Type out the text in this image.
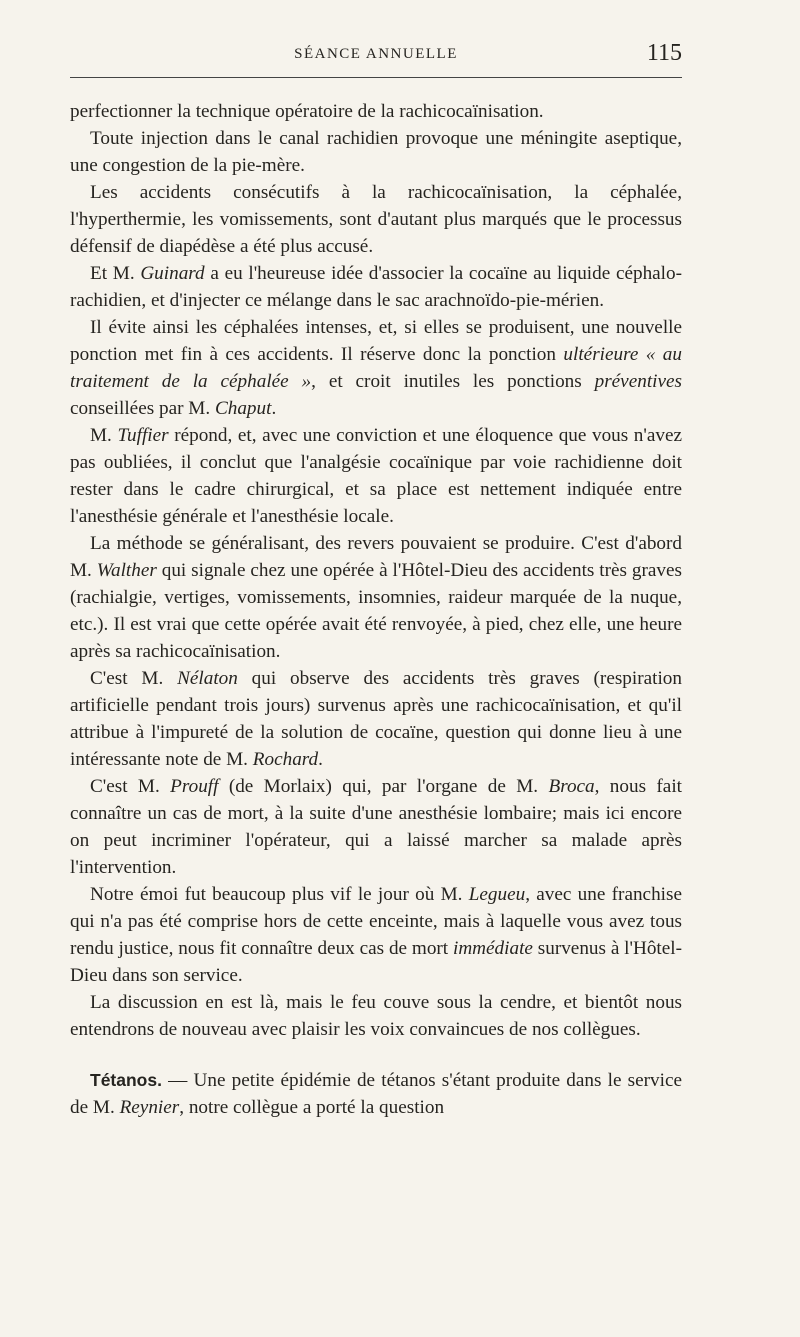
SÉANCE ANNUELLE	115

perfectionner la technique opératoire de la rachicocaïnisation.

Toute injection dans le canal rachidien provoque une méningite aseptique, une congestion de la pie-mère.

Les accidents consécutifs à la rachicocaïnisation, la céphalée, l'hyperthermie, les vomissements, sont d'autant plus marqués que le processus défensif de diapédèse a été plus accusé.

Et M. Guinard a eu l'heureuse idée d'associer la cocaïne au liquide céphalo-rachidien, et d'injecter ce mélange dans le sac arachnoïdo-pie-mérien.

Il évite ainsi les céphalées intenses, et, si elles se produisent, une nouvelle ponction met fin à ces accidents. Il réserve donc la ponction ultérieure « au traitement de la céphalée », et croit inutiles les ponctions préventives conseillées par M. Chaput.

M. Tuffier répond, et, avec une conviction et une éloquence que vous n'avez pas oubliées, il conclut que l'analgésie cocaïnique par voie rachidienne doit rester dans le cadre chirurgical, et sa place est nettement indiquée entre l'anesthésie générale et l'anesthésie locale.

La méthode se généralisant, des revers pouvaient se produire. C'est d'abord M. Walther qui signale chez une opérée à l'Hôtel-Dieu des accidents très graves (rachialgie, vertiges, vomissements, insomnies, raideur marquée de la nuque, etc.). Il est vrai que cette opérée avait été renvoyée, à pied, chez elle, une heure après sa rachicocaïnisation.

C'est M. Nélaton qui observe des accidents très graves (respiration artificielle pendant trois jours) survenus après une rachicocaïnisation, et qu'il attribue à l'impureté de la solution de cocaïne, question qui donne lieu à une intéressante note de M. Rochard.

C'est M. Prouff (de Morlaix) qui, par l'organe de M. Broca, nous fait connaître un cas de mort, à la suite d'une anesthésie lombaire; mais ici encore on peut incriminer l'opérateur, qui a laissé marcher sa malade après l'intervention.

Notre émoi fut beaucoup plus vif le jour où M. Legueu, avec une franchise qui n'a pas été comprise hors de cette enceinte, mais à laquelle vous avez tous rendu justice, nous fit connaître deux cas de mort immédiate survenus à l'Hôtel-Dieu dans son service.

La discussion en est là, mais le feu couve sous la cendre, et bientôt nous entendrons de nouveau avec plaisir les voix convaincues de nos collègues.

Tétanos. — Une petite épidémie de tétanos s'étant produite dans le service de M. Reynier, notre collègue a porté la question
